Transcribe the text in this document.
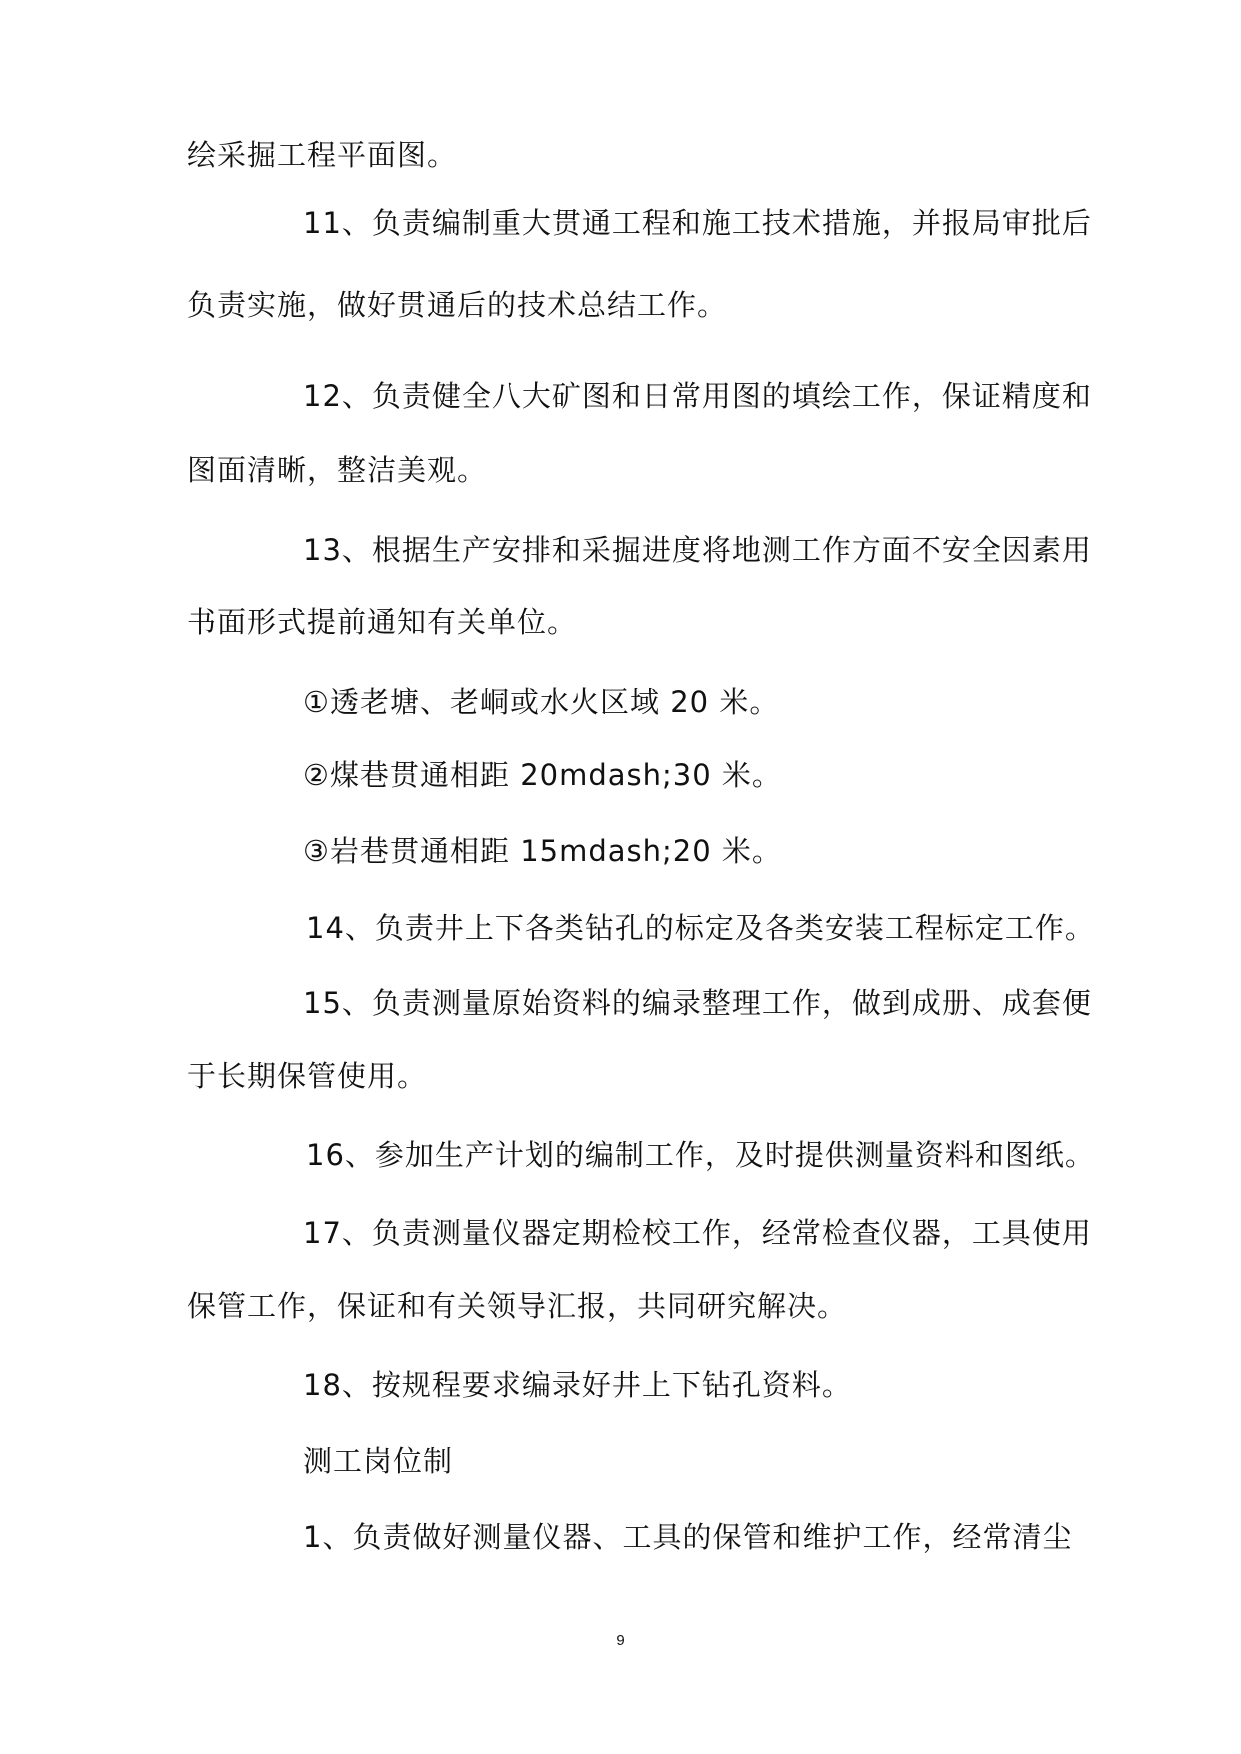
绘采掘工程平面图。
11、负责编制重大贯通工程和施工技术措施，并报局审批后
负责实施，做好贯通后的技术总结工作。
12、负责健全八大矿图和日常用图的填绘工作，保证精度和
图面清晰，整洁美观。
13、根据生产安排和采掘进度将地测工作方面不安全因素用
书面形式提前通知有关单位。
①透老塘、老峒或水火区域 20 米。
②煤巷贯通相距 20mdash;30 米。
③岩巷贯通相距 15mdash;20 米。
14、负责井上下各类钻孔的标定及各类安装工程标定工作。
15、负责测量原始资料的编录整理工作，做到成册、成套便
于长期保管使用。
16、参加生产计划的编制工作，及时提供测量资料和图纸。
17、负责测量仪器定期检校工作，经常检查仪器，工具使用
保管工作，保证和有关领导汇报，共同研究解决。
18、按规程要求编录好井上下钻孔资料。
测工岗位制
1、负责做好测量仪器、工具的保管和维护工作，经常清尘
9
